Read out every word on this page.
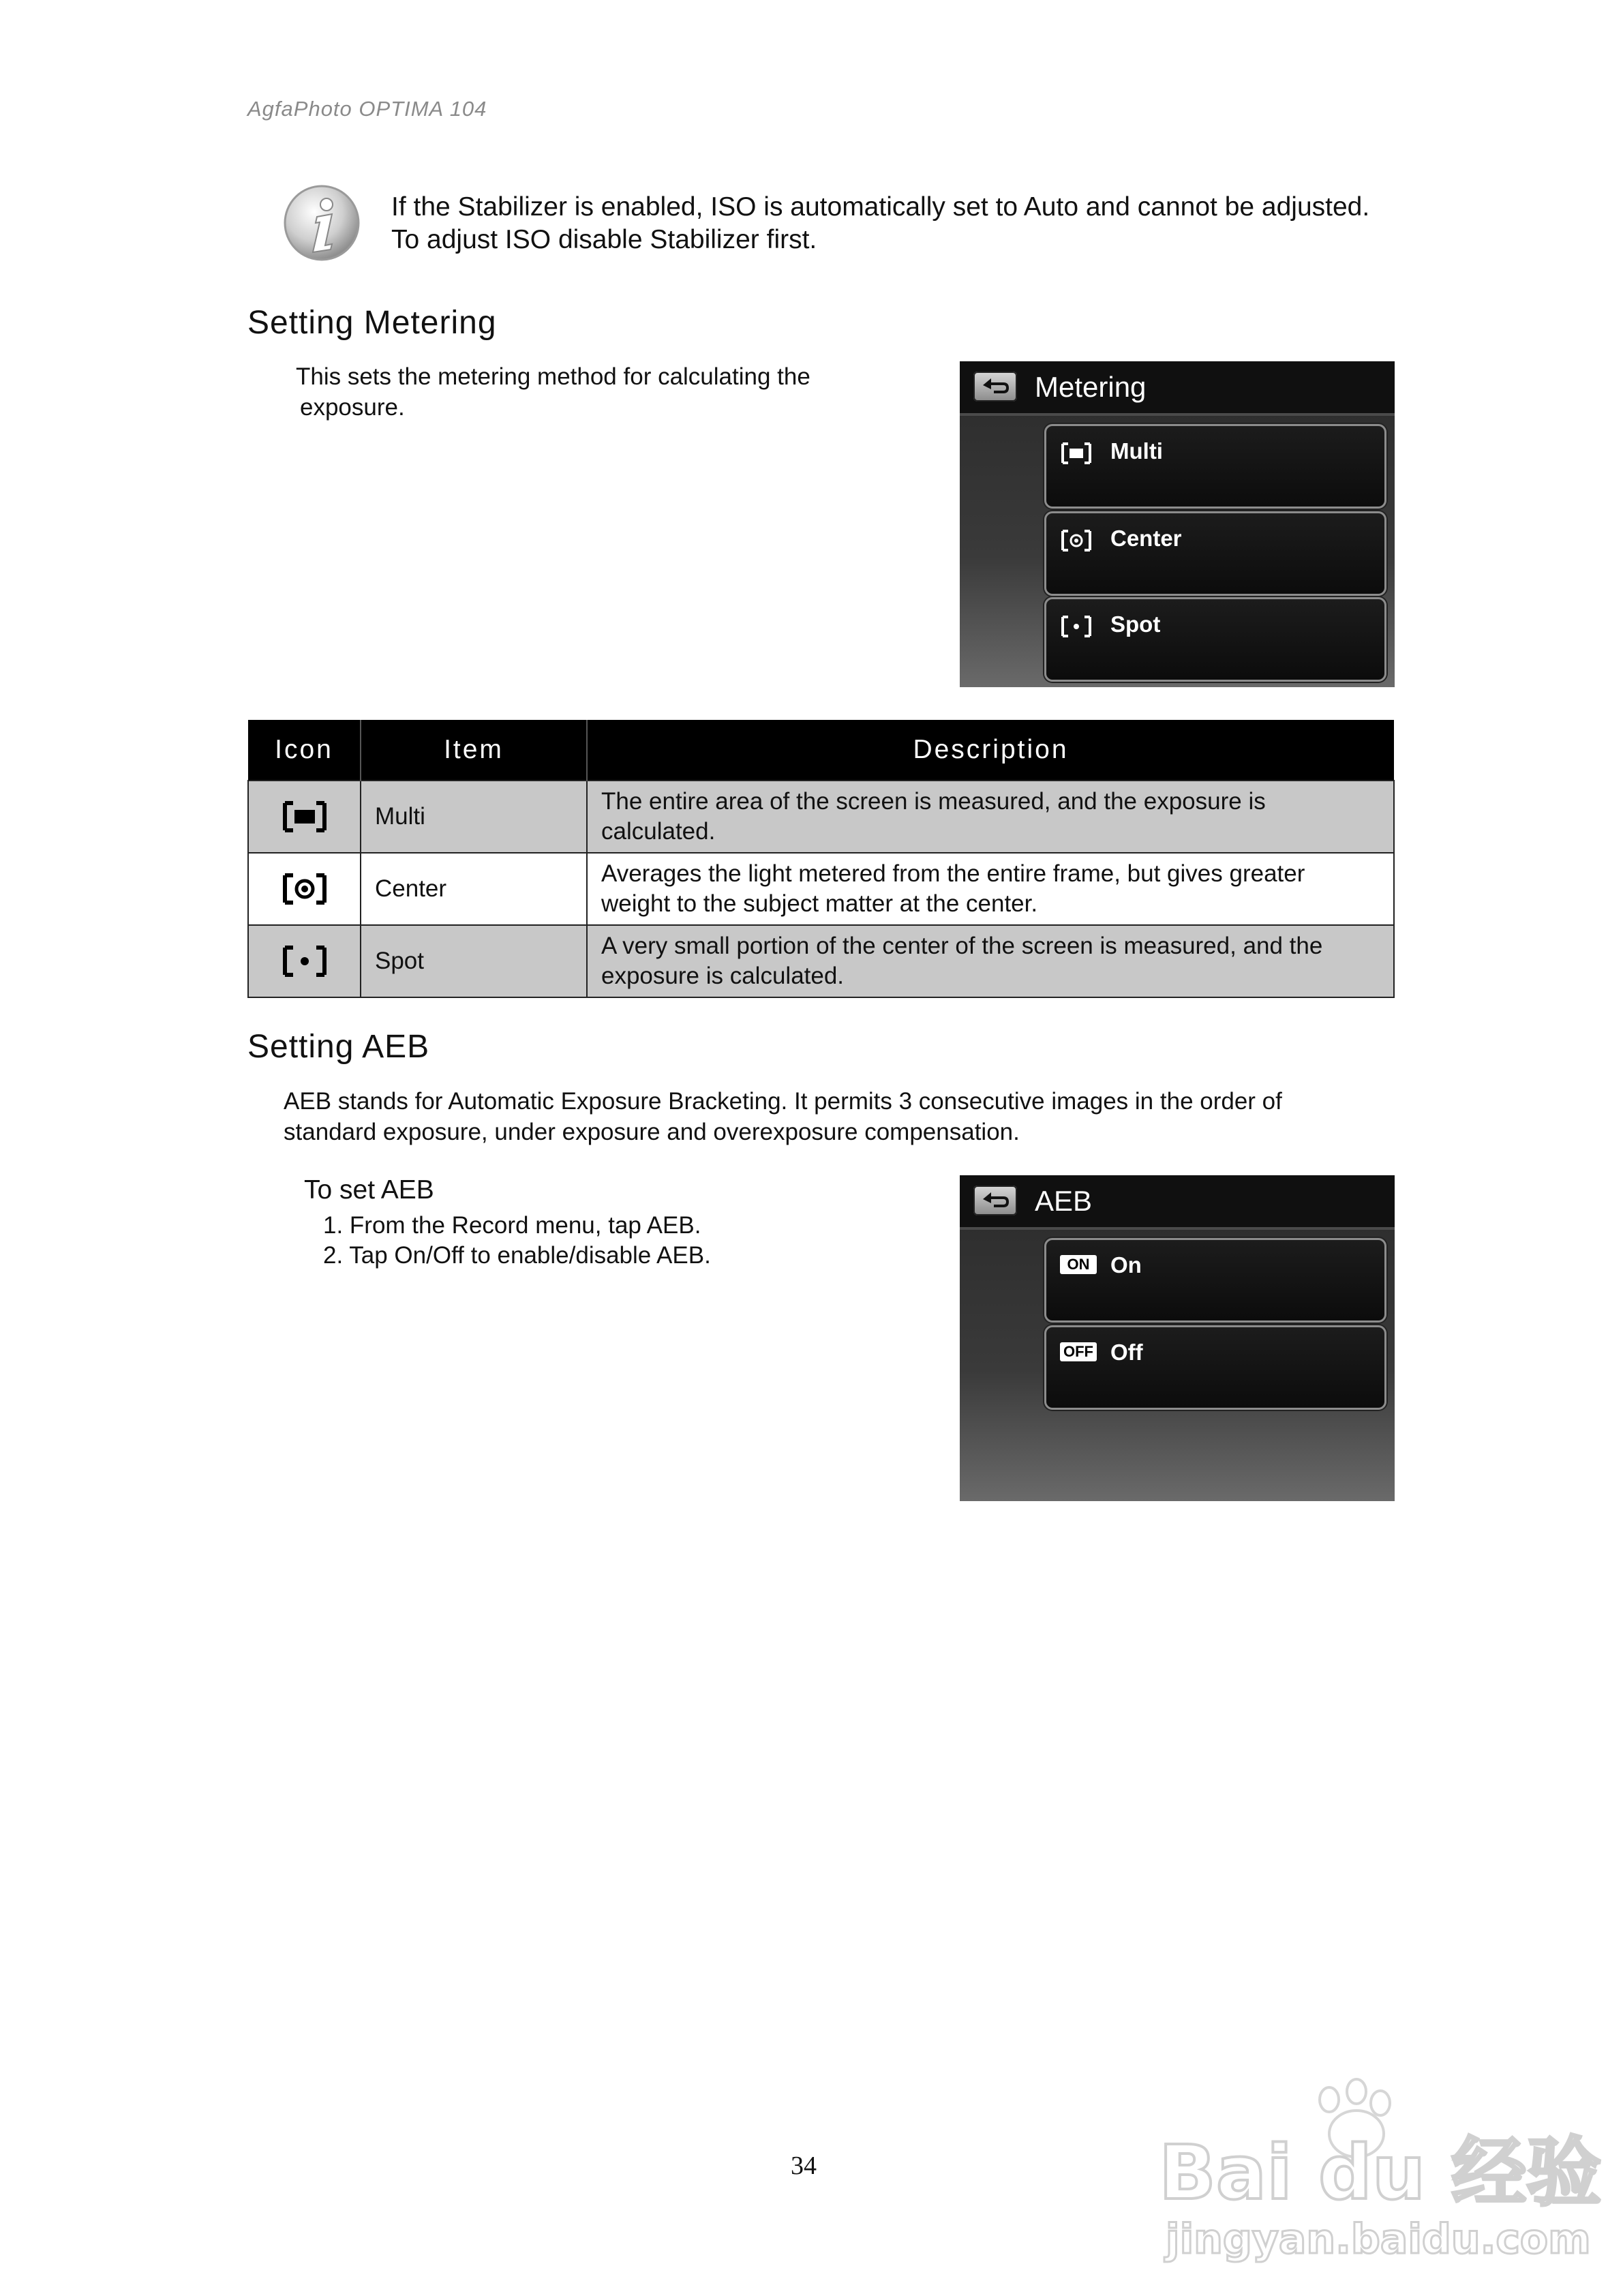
AgfaPhoto OPTIMA 104
If the Stabilizer is enabled, ISO is automatically set to Auto and cannot be adjusted.
To adjust ISO disable Stabilizer first.
Setting Metering
This sets the metering method for calculating the
exposure.
Metering
Multi
Center
Spot
Icon	Item	Description
	Multi	The entire area of the screen is measured, and the exposure is
calculated.

	Center	Averages the light metered from the entire frame, but gives greater
weight to the subject matter at the center.

	Spot	A very small portion of the center of the screen is measured, and the
exposure is calculated.
Setting AEB
AEB stands for Automatic Exposure Bracketing. It permits 3 consecutive images in the order of
standard exposure, under exposure and overexposure compensation.
To set AEB
1. From the Record menu, tap AEB.
2. Tap On/Off to enable/disable AEB.
AEB
ON On
OFF Off
34	Bai du 经验
jingyan.baidu.com
